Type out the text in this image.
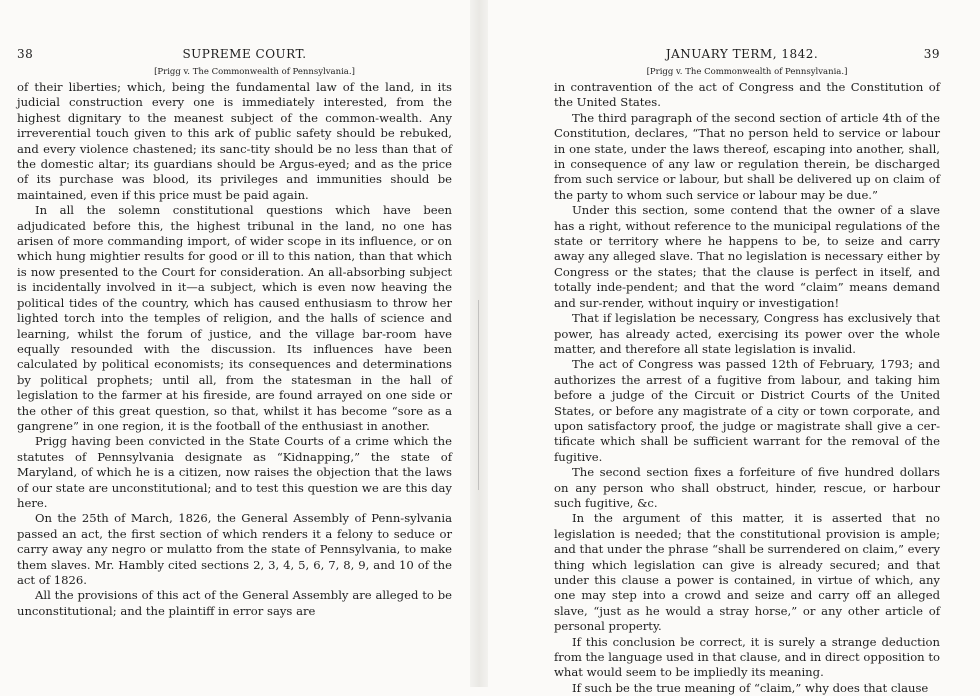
38	SUPREME COURT.
[Prigg v. The Commonwealth of Pennsylvania.]

of their liberties; which, being the fundamental law of the land, in its judicial construction every one is immediately interested, from the highest dignitary to the meanest subject of the common-wealth. Any irreverential touch given to this ark of public safety should be rebuked, and every violence chastened; its sanc-tity should be no less than that of the domestic altar; its guardians should be Argus-eyed; and as the price of its purchase was blood, its privileges and immunities should be maintained, even if this price must be paid again.

In all the solemn constitutional questions which have been adjudicated before this, the highest tribunal in the land, no one has arisen of more commanding import, of wider scope in its influence, or on which hung mightier results for good or ill to this nation, than that which is now presented to the Court for consideration. An all-absorbing subject is incidentally involved in it—a subject, which is even now heaving the political tides of the country, which has caused enthusiasm to throw her lighted torch into the temples of religion, and the halls of science and learning, whilst the forum of justice, and the village bar-room have equally resounded with the discussion. Its influences have been calculated by political economists; its consequences and determinations by political prophets; until all, from the statesman in the hall of legislation to the farmer at his fireside, are found arrayed on one side or the other of this great question, so that, whilst it has become “sore as a gangrene” in one region, it is the football of the enthusiast in another.

Prigg having been convicted in the State Courts of a crime which the statutes of Pennsylvania designate as “Kidnapping,” the state of Maryland, of which he is a citizen, now raises the objection that the laws of our state are unconstitutional; and to test this question we are this day here.

On the 25th of March, 1826, the General Assembly of Penn-sylvania passed an act, the first section of which renders it a felony to seduce or carry away any negro or mulatto from the state of Pennsylvania, to make them slaves. Mr. Hambly cited sections 2, 3, 4, 5, 6, 7, 8, 9, and 10 of the act of 1826.

All the provisions of this act of the General Assembly are alleged to be unconstitutional; and the plaintiff in error says are

JANUARY TERM, 1842.	39
[Prigg v. The Commonwealth of Pennsylvania.]

in contravention of the act of Congress and the Constitution of the United States.

The third paragraph of the second section of article 4th of the Constitution, declares, “That no person held to service or labour in one state, under the laws thereof, escaping into another, shall, in consequence of any law or regulation therein, be discharged from such service or labour, but shall be delivered up on claim of the party to whom such service or labour may be due.”

Under this section, some contend that the owner of a slave has a right, without reference to the municipal regulations of the state or territory where he happens to be, to seize and carry away any alleged slave. That no legislation is necessary either by Congress or the states; that the clause is perfect in itself, and totally inde-pendent; and that the word “claim” means demand and sur-render, without inquiry or investigation!

That if legislation be necessary, Congress has exclusively that power, has already acted, exercising its power over the whole matter, and therefore all state legislation is invalid.

The act of Congress was passed 12th of February, 1793; and authorizes the arrest of a fugitive from labour, and taking him before a judge of the Circuit or District Courts of the United States, or before any magistrate of a city or town corporate, and upon satisfactory proof, the judge or magistrate shall give a cer-tificate which shall be sufficient warrant for the removal of the fugitive.

The second section fixes a forfeiture of five hundred dollars on any person who shall obstruct, hinder, rescue, or harbour such fugitive, &c.

In the argument of this matter, it is asserted that no legislation is needed; that the constitutional provision is ample; and that under the phrase “shall be surrendered on claim,” every thing which legislation can give is already secured; and that under this clause a power is contained, in virtue of which, any one may step into a crowd and seize and carry off an alleged slave, “just as he would a stray horse,” or any other article of personal property.

If this conclusion be correct, it is surely a strange deduction from the language used in that clause, and in direct opposition to what would seem to be impliedly its meaning.

If such be the true meaning of “claim,” why does that clause
